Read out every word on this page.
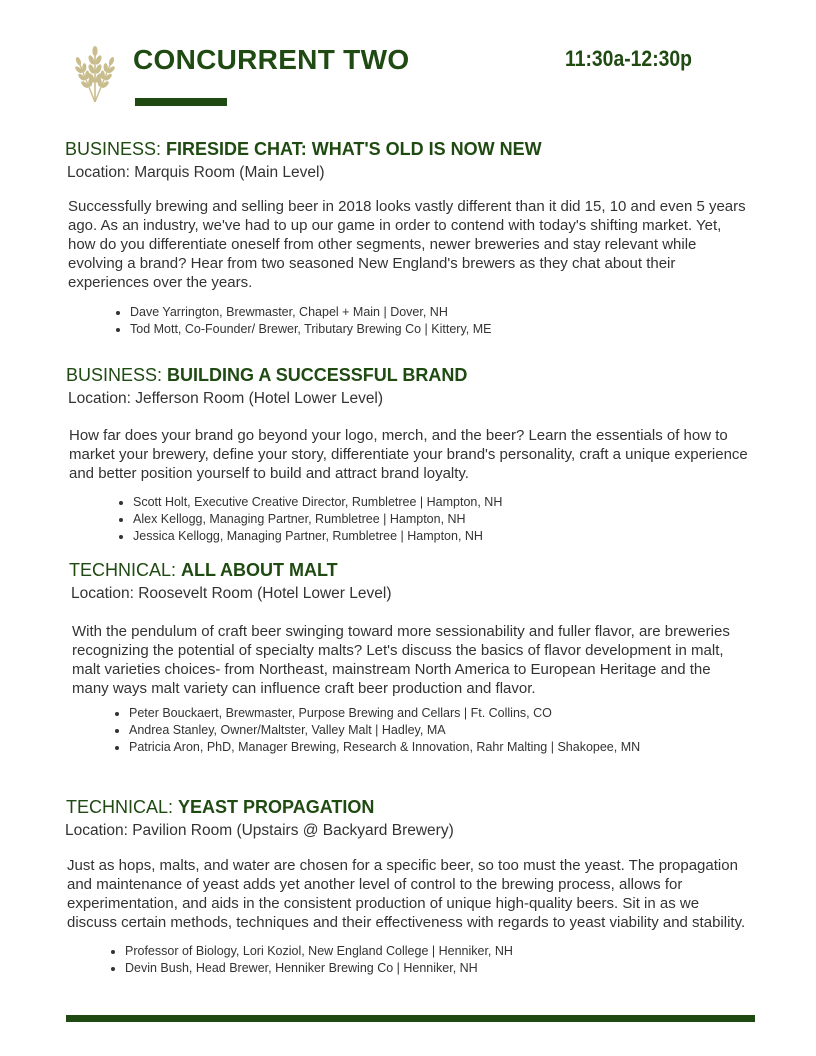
CONCURRENT TWO	11:30a-12:30p
BUSINESS: FIRESIDE CHAT: WHAT'S OLD IS NOW NEW
Location: Marquis Room (Main Level)
Successfully brewing and selling beer in 2018 looks vastly different than it did 15, 10 and even 5 years ago. As an industry, we've had to up our game in order to contend with today's shifting market. Yet, how do you differentiate oneself from other segments, newer breweries and stay relevant while evolving a brand? Hear from two seasoned New England's brewers as they chat about their experiences over the years.
• Dave Yarrington, Brewmaster, Chapel + Main | Dover, NH
• Tod Mott, Co-Founder/ Brewer, Tributary Brewing Co | Kittery, ME
BUSINESS: BUILDING A SUCCESSFUL BRAND
Location: Jefferson Room (Hotel Lower Level)
How far does your brand go beyond your logo, merch, and the beer? Learn the essentials of how to market your brewery, define your story, differentiate your brand's personality, craft a unique experience and better position yourself to build and attract brand loyalty.
• Scott Holt, Executive Creative Director, Rumbletree | Hampton, NH
• Alex Kellogg, Managing Partner, Rumbletree | Hampton, NH
• Jessica Kellogg, Managing Partner, Rumbletree | Hampton, NH
TECHNICAL: ALL ABOUT MALT
Location: Roosevelt Room (Hotel Lower Level)
With the pendulum of craft beer swinging toward more sessionability and fuller flavor, are breweries recognizing the potential of specialty malts? Let's discuss the basics of flavor development in malt, malt varieties choices- from Northeast, mainstream North America to European Heritage and the many ways malt variety can influence craft beer production and flavor.
• Peter Bouckaert, Brewmaster, Purpose Brewing and Cellars | Ft. Collins, CO
• Andrea Stanley, Owner/Maltster, Valley Malt | Hadley, MA
• Patricia Aron, PhD, Manager Brewing, Research & Innovation, Rahr Malting | Shakopee, MN
TECHNICAL: YEAST PROPAGATION
Location: Pavilion Room (Upstairs @ Backyard Brewery)
Just as hops, malts, and water are chosen for a specific beer, so too must the yeast. The propagation and maintenance of yeast adds yet another level of control to the brewing process, allows for experimentation, and aids in the consistent production of unique high-quality beers. Sit in as we discuss certain methods, techniques and their effectiveness with regards to yeast viability and stability.
• Professor of Biology, Lori Koziol, New England College | Henniker, NH
• Devin Bush, Head Brewer, Henniker Brewing Co | Henniker, NH
